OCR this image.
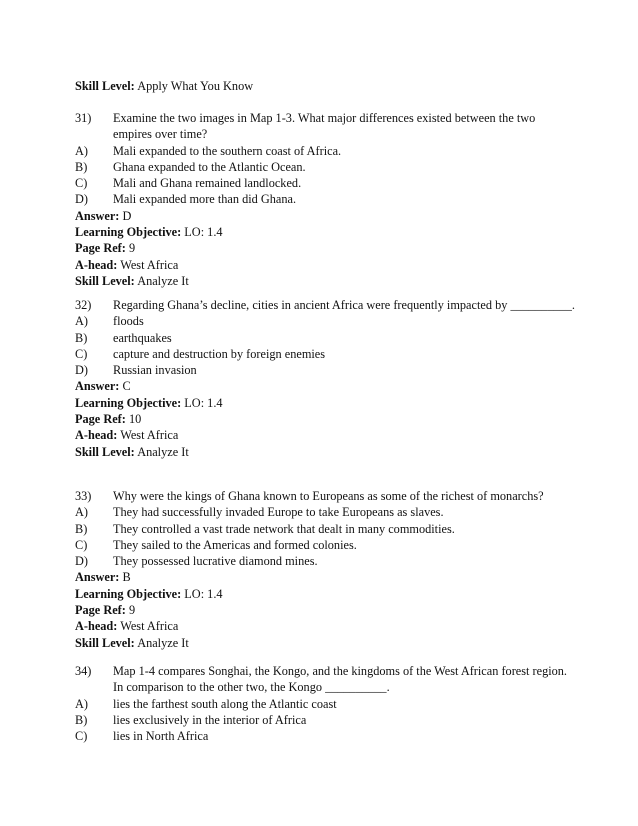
Skill Level: Apply What You Know
31)	Examine the two images in Map 1-3. What major differences existed between the two empires over time?
A)	Mali expanded to the southern coast of Africa.
B)	Ghana expanded to the Atlantic Ocean.
C)	Mali and Ghana remained landlocked.
D)	Mali expanded more than did Ghana.
Answer: D
Learning Objective: LO: 1.4
Page Ref: 9
A-head: West Africa
Skill Level: Analyze It
32)	Regarding Ghana’s decline, cities in ancient Africa were frequently impacted by __________.
A)	floods
B)	earthquakes
C)	capture and destruction by foreign enemies
D)	Russian invasion
Answer: C
Learning Objective: LO: 1.4
Page Ref: 10
A-head: West Africa
Skill Level: Analyze It
33)	Why were the kings of Ghana known to Europeans as some of the richest of monarchs?
A)	They had successfully invaded Europe to take Europeans as slaves.
B)	They controlled a vast trade network that dealt in many commodities.
C)	They sailed to the Americas and formed colonies.
D)	They possessed lucrative diamond mines.
Answer: B
Learning Objective: LO: 1.4
Page Ref: 9
A-head: West Africa
Skill Level: Analyze It
34)	Map 1-4 compares Songhai, the Kongo, and the kingdoms of the West African forest region. In comparison to the other two, the Kongo __________.
A)	lies the farthest south along the Atlantic coast
B)	lies exclusively in the interior of Africa
C)	lies in North Africa
